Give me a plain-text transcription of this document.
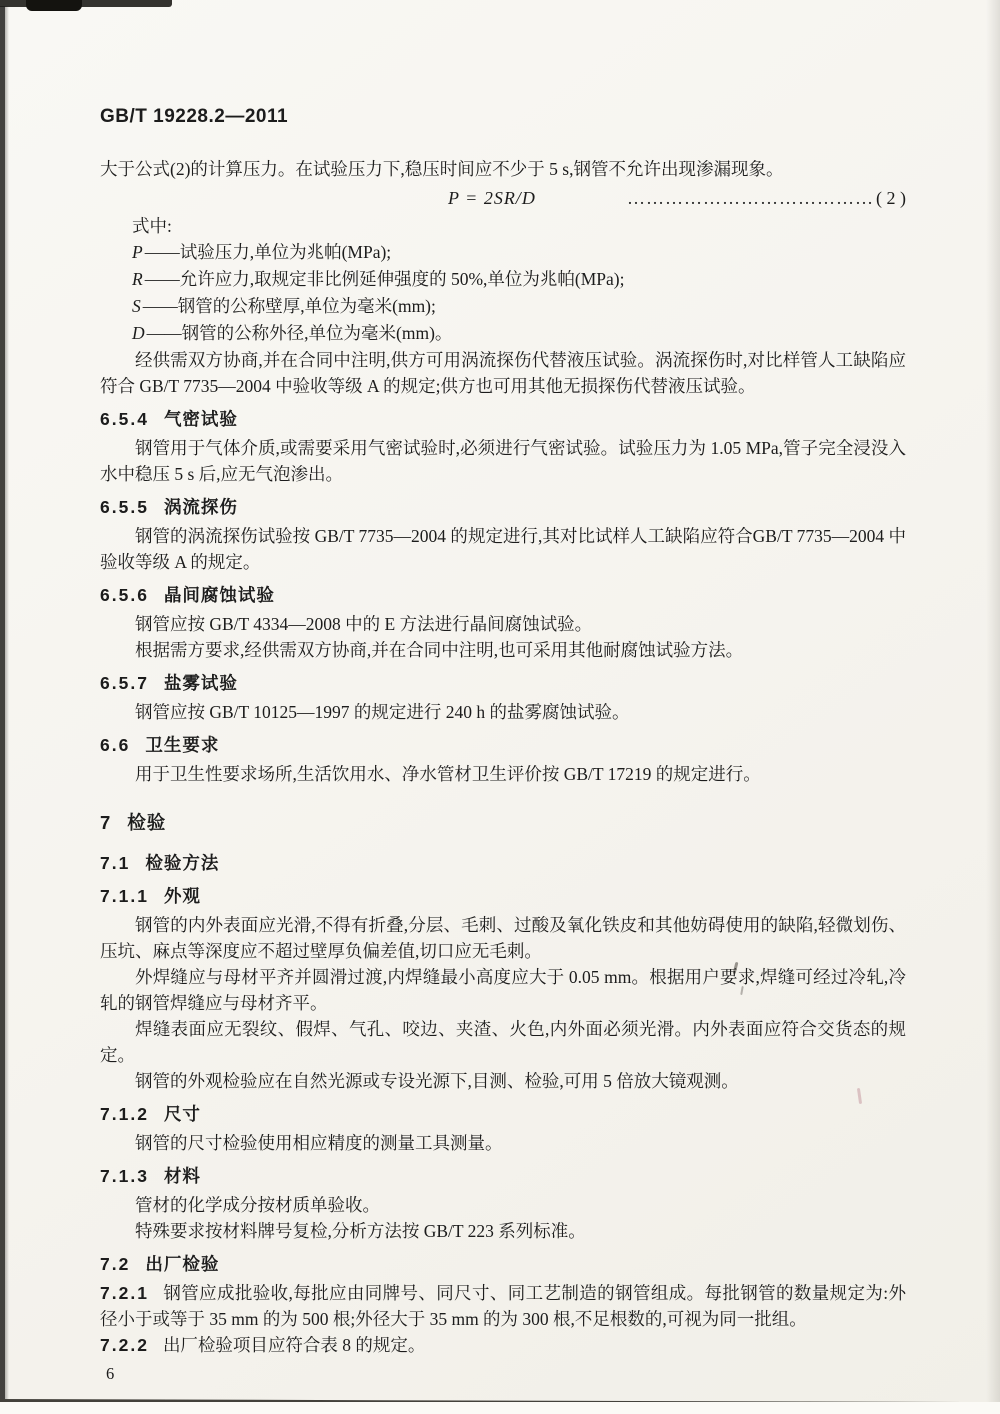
GB/T 19228.2—2011

大于公式(2)的计算压力。在试验压力下,稳压时间应不少于 5 s,钢管不允许出现渗漏现象。

P = 2SR/D	………………………………… ( 2 )

式中:

P ——试验压力,单位为兆帕(MPa);
R ——允许应力,取规定非比例延伸强度的 50%,单位为兆帕(MPa);
S ——钢管的公称壁厚,单位为毫米(mm);
D ——钢管的公称外径,单位为毫米(mm)。

经供需双方协商,并在合同中注明,供方可用涡流探伤代替液压试验。涡流探伤时,对比样管人工缺陷应符合 GB/T 7735—2004 中验收等级 A 的规定;供方也可用其他无损探伤代替液压试验。

6.5.4 气密试验

钢管用于气体介质,或需要采用气密试验时,必须进行气密试验。试验压力为 1.05 MPa,管子完全浸没入水中稳压 5 s 后,应无气泡渗出。

6.5.5 涡流探伤

钢管的涡流探伤试验按 GB/T 7735—2004 的规定进行,其对比试样人工缺陷应符合GB/T 7735—2004 中验收等级 A 的规定。

6.5.6 晶间腐蚀试验

钢管应按 GB/T 4334—2008 中的 E 方法进行晶间腐蚀试验。

根据需方要求,经供需双方协商,并在合同中注明,也可采用其他耐腐蚀试验方法。

6.5.7 盐雾试验

钢管应按 GB/T 10125—1997 的规定进行 240 h 的盐雾腐蚀试验。

6.6 卫生要求

用于卫生性要求场所,生活饮用水、净水管材卫生评价按 GB/T 17219 的规定进行。

7 检验
7.1 检验方法
7.1.1 外观

钢管的内外表面应光滑,不得有折叠,分层、毛刺、过酸及氧化铁皮和其他妨碍使用的缺陷,轻微划伤、压坑、麻点等深度应不超过壁厚负偏差值,切口应无毛刺。

外焊缝应与母材平齐并圆滑过渡,内焊缝最小高度应大于 0.05 mm。根据用户要求,焊缝可经过冷轧,冷轧的钢管焊缝应与母材齐平。

焊缝表面应无裂纹、假焊、气孔、咬边、夹渣、火色,内外面必须光滑。内外表面应符合交货态的规定。

钢管的外观检验应在自然光源或专设光源下,目测、检验,可用 5 倍放大镜观测。

7.1.2 尺寸

钢管的尺寸检验使用相应精度的测量工具测量。

7.1.3 材料

管材的化学成分按材质单验收。

特殊要求按材料牌号复检,分析方法按 GB/T 223 系列标准。

7.2 出厂检验

7.2.1 钢管应成批验收,每批应由同牌号、同尺寸、同工艺制造的钢管组成。每批钢管的数量规定为:外径小于或等于 35 mm 的为 500 根;外径大于 35 mm 的为 300 根,不足根数的,可视为同一批组。

7.2.2 出厂检验项目应符合表 8 的规定。

6
